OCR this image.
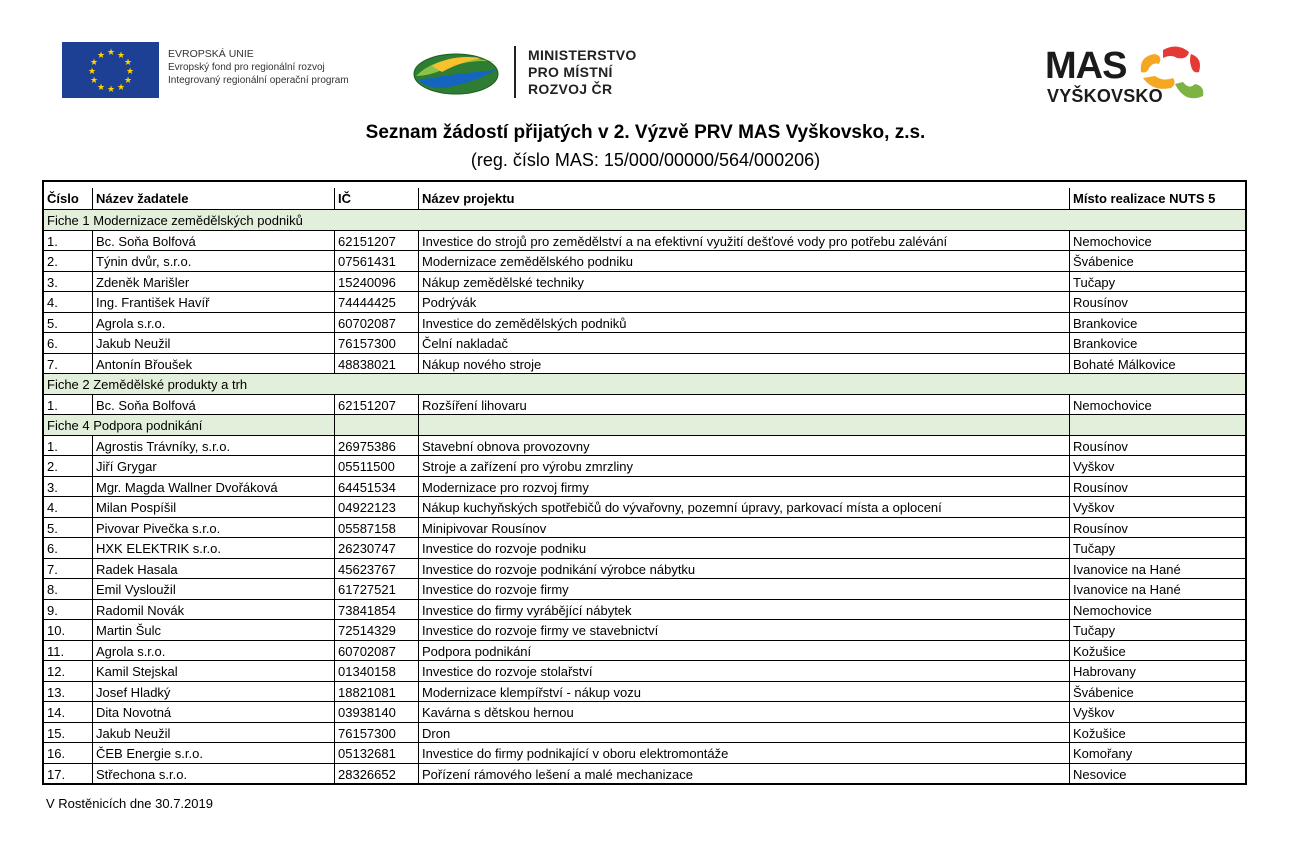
★ ★
★
★
★
★
★
★
★
★
★
★	EVROPSKÁ UNIE
Evropský fond pro regionální rozvoj
Integrovaný regionální operační program
MINISTERSTVO
PRO MÍSTNÍ
ROZVOJ ČR
MAS
VYŠKOVSKO
Seznam žádostí přijatých v 2. Výzvě PRV MAS Vyškovsko, z.s.
(reg. číslo MAS: 15/000/00000/564/000206)
Číslo	Název žadatele	IČ	Název projektu	Místo realizace NUTS 5
Fiche 1 Modernizace zemědělských podniků
1.	Bc. Soňa Bolfová	62151207	Investice do strojů pro zemědělství a na efektivní využití dešťové vody pro potřebu zalévání	Nemochovice
2.	Týnin dvůr, s.r.o.	07561431	Modernizace zemědělského podniku	Švábenice
3.	Zdeněk Marišler	15240096	Nákup zemědělské techniky	Tučapy
4.	Ing. František Havíř	74444425	Podrývák	Rousínov
5.	Agrola s.r.o.	60702087	Investice do zemědělských podniků	Brankovice
6.	Jakub Neužil	76157300	Čelní nakladač	Brankovice
7.	Antonín Břoušek	48838021	Nákup nového stroje	Bohaté Málkovice
Fiche 2 Zemědělské produkty a trh
1.	Bc. Soňa Bolfová	62151207	Rozšíření lihovaru	Nemochovice
Fiche 4 Podpora podnikání
1.	Agrostis Trávníky, s.r.o.	26975386	Stavební obnova provozovny	Rousínov
2.	Jiří Grygar	05511500	Stroje a zařízení pro výrobu zmrzliny	Vyškov
3.	Mgr. Magda Wallner Dvořáková	64451534	Modernizace pro rozvoj firmy	Rousínov
4.	Milan Pospíšil	04922123	Nákup kuchyňských spotřebičů do vývařovny, pozemní úpravy, parkovací místa a oplocení	Vyškov
5.	Pivovar Pivečka s.r.o.	05587158	Minipivovar Rousínov	Rousínov
6.	HXK ELEKTRIK s.r.o.	26230747	Investice do rozvoje podniku	Tučapy
7.	Radek Hasala	45623767	Investice do rozvoje podnikání výrobce nábytku	Ivanovice na Hané
8.	Emil Vysloužil	61727521	Investice do rozvoje firmy	Ivanovice na Hané
9.	Radomil Novák	73841854	Investice do firmy vyrábějící nábytek	Nemochovice
10.	Martin Šulc	72514329	Investice do rozvoje firmy ve stavebnictví	Tučapy
11.	Agrola s.r.o.	60702087	Podpora podnikání	Kožušice
12.	Kamil Stejskal	01340158	Investice do rozvoje stolařství	Habrovany
13.	Josef Hladký	18821081	Modernizace klempířství - nákup vozu	Švábenice
14.	Dita Novotná	03938140	Kavárna s dětskou hernou	Vyškov
15.	Jakub Neužil	76157300	Dron	Kožušice
16.	ČEB Energie s.r.o.	05132681	Investice do firmy podnikající v oboru elektromontáže	Komořany
17.	Střechona s.r.o.	28326652	Pořízení rámového lešení a malé mechanizace	Nesovice
V Rostěnicích dne 30.7.2019
